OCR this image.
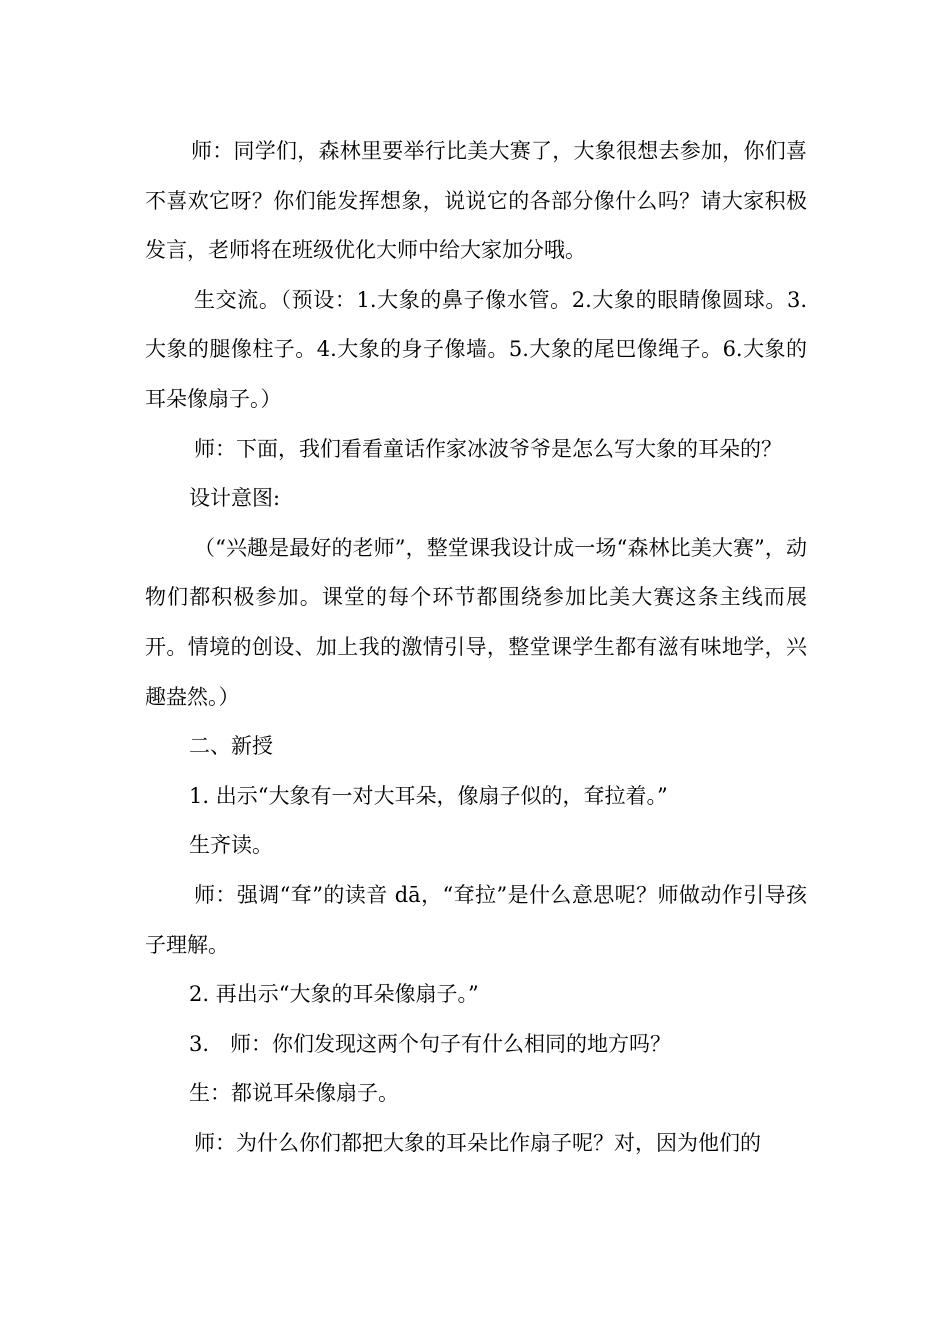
师：同学们，森林里要举行比美大赛了，大象很想去参加，你们喜不喜欢它呀？你们能发挥想象，说说它的各部分像什么吗？请大家积极发言，老师将在班级优化大师中给大家加分哦。

生交流。（预设：1.大象的鼻子像水管。2.大象的眼睛像圆球。3.大象的腿像柱子。4.大象的身子像墙。5.大象的尾巴像绳子。6.大象的耳朵像扇子。）

师：下面，我们看看童话作家冰波爷爷是怎么写大象的耳朵的？

设计意图:

（“兴趣是最好的老师”，整堂课我设计成一场“森林比美大赛”，动物们都积极参加。课堂的每个环节都围绕参加比美大赛这条主线而展开。情境的创设、加上我的激情引导，整堂课学生都有滋有味地学，兴趣盎然。）

二、新授

1. 出示“大象有一对大耳朵，像扇子似的，耷拉着。”

生齐读。

师：强调“耷”的读音 dā，“耷拉”是什么意思呢？师做动作引导孩子理解。

2. 再出示“大象的耳朵像扇子。”

3.　师：你们发现这两个句子有什么相同的地方吗？

生：都说耳朵像扇子。

师：为什么你们都把大象的耳朵比作扇子呢？对，因为他们的
